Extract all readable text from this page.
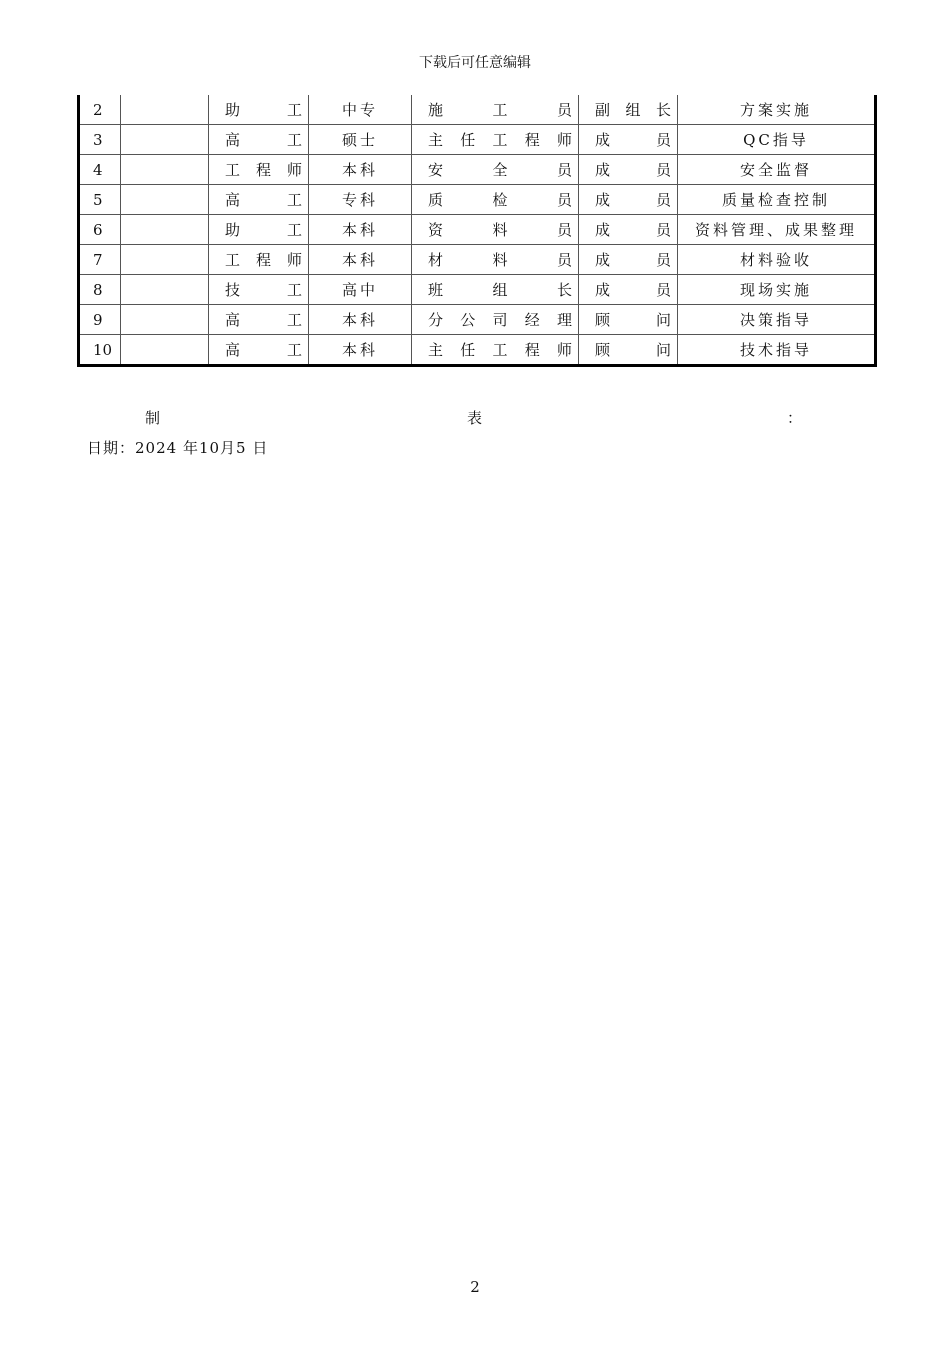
下载后可任意编辑
2		助 工	中专	施 工 员	副组长	方案实施
3		高 工	硕士	主任工程师	成 员	QC指导
4		工程师	本科	安 全 员	成 员	安全监督
5		高 工	专科	质 检 员	成 员	质量检查控制
6		助 工	本科	资 料 员	成 员	资料管理、成果整理
7		工程师	本科	材 料 员	成 员	材料验收
8		技 工	高中	班 组 长	成 员	现场实施
9		高 工	本科	分公司经理	顾 问	决策指导
10		高 工	本科	主任工程师	顾 问	技术指导
制	表	：
日期：2024 年10月5 日
2
